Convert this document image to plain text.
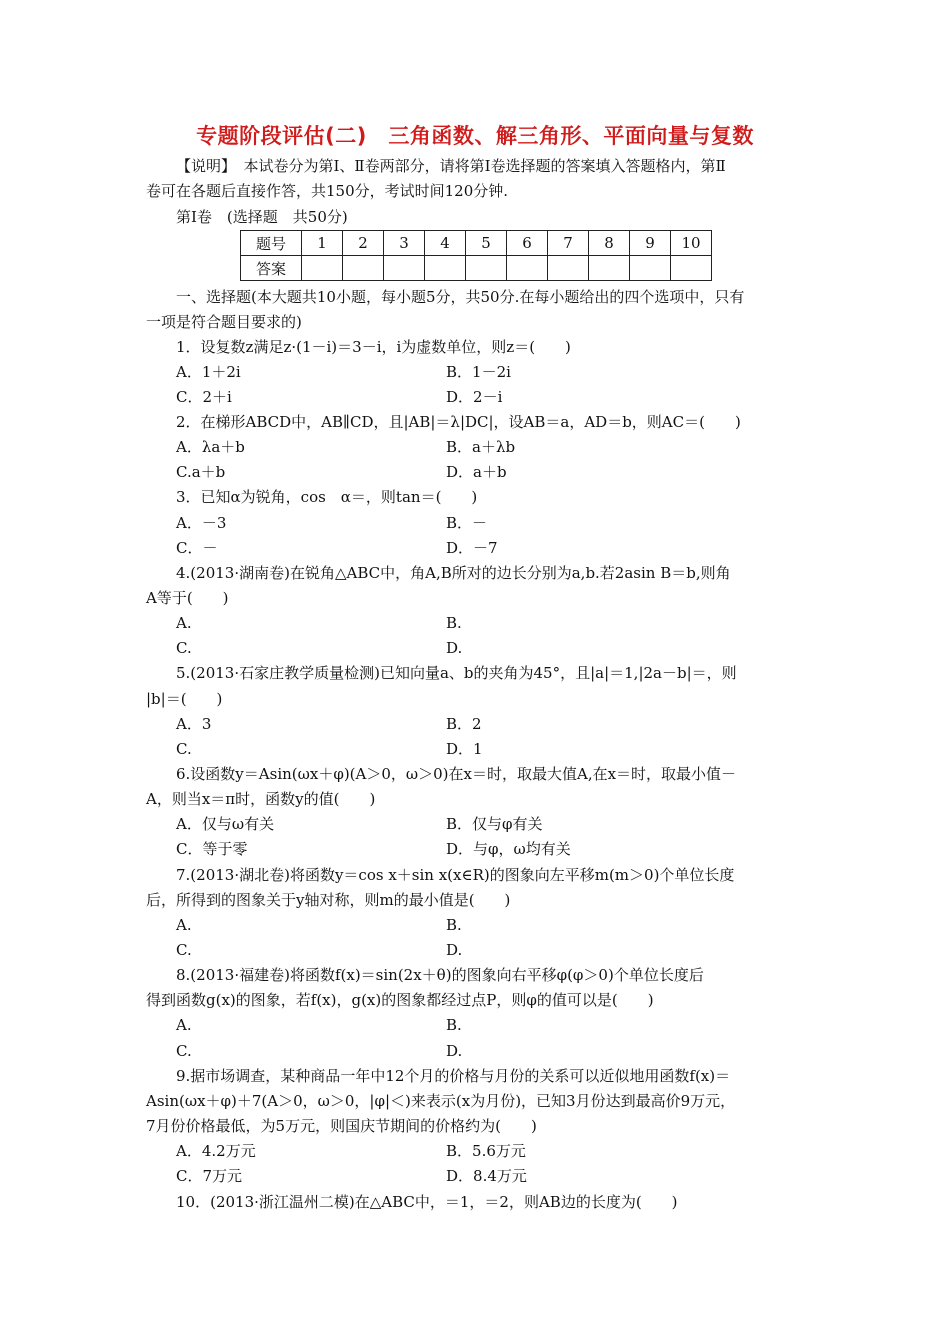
专题阶段评估(二)　三角函数、解三角形、平面向量与复数
【说明】　本试卷分为第Ⅰ、Ⅱ卷两部分，请将第Ⅰ卷选择题的答案填入答题格内，第Ⅱ
卷可在各题后直接作答，共150分，考试时间120分钟.
第Ⅰ卷　(选择题　共50分)
题号	1	2	3	4	5	6	7	8	9	10
答案										
一、选择题(本大题共10小题，每小题5分，共50分.在每小题给出的四个选项中，只有
一项是符合题目要求的)
1．设复数z满足z·(1－i)＝3－i，i为虚数单位，则z＝(　　)
A．1＋2i	B．1－2i
C．2＋i	D．2－i
2．在梯形ABCD中，AB∥CD，且|AB|＝λ|DC|，设AB＝a，AD＝b，则AC＝(　　)
A．λa＋b	B．a＋λb
C.a＋b	D．a＋b
3．已知α为锐角，cos　α＝，则tan＝(　　)
A．－3	B．－
C．－	D．－7
4.(2013·湖南卷)在锐角△ABC中，角A,B所对的边长分别为a,b.若2asin B＝b,则角
A等于(　　)
A.	B.
C.	D.
5.(2013·石家庄教学质量检测)已知向量a、b的夹角为45°，且|a|＝1,|2a－b|＝，则
|b|＝(　　)
A．3	B．2
C.	D．1
6.设函数y＝Asin(ωx＋φ)(A＞0，ω＞0)在x＝时，取最大值A,在x＝时，取最小值－
A，则当x＝π时，函数y的值(　　)
A．仅与ω有关	B．仅与φ有关
C．等于零	D．与φ，ω均有关
7.(2013·湖北卷)将函数y＝cos x＋sin x(x∈R)的图象向左平移m(m＞0)个单位长度
后，所得到的图象关于y轴对称，则m的最小值是(　　)
A.	B.
C.	D.
8.(2013·福建卷)将函数f(x)＝sin(2x＋θ)的图象向右平移φ(φ＞0)个单位长度后
得到函数g(x)的图象，若f(x)，g(x)的图象都经过点P，则φ的值可以是(　　)
A.	B.
C.	D.
9.据市场调查，某种商品一年中12个月的价格与月份的关系可以近似地用函数f(x)＝
Asin(ωx＋φ)＋7(A＞0，ω＞0，|φ|＜)来表示(x为月份)，已知3月份达到最高价9万元，
7月份价格最低，为5万元，则国庆节期间的价格约为(　　)
A．4.2万元	B．5.6万元
C．7万元	D．8.4万元
10．(2013·浙江温州二模)在△ABC中，＝1，＝2，则AB边的长度为(　　)
